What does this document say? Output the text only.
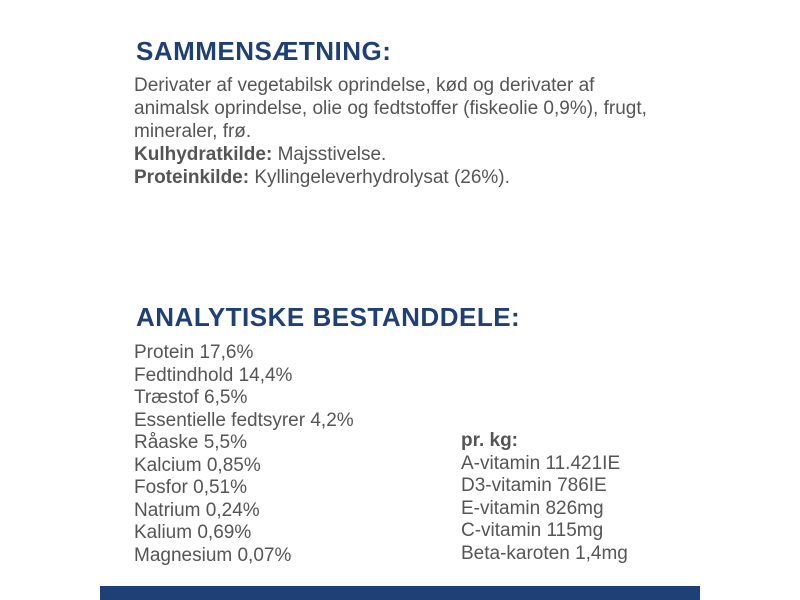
SAMMENSÆTNING:

Derivater af vegetabilsk oprindelse, kød og derivater af animalsk oprindelse, olie og fedtstoffer (fiskeolie 0,9%), frugt, mineraler, frø.

Kulhydratkilde: Majsstivelse.

Proteinkilde: Kyllingeleverhydrolysat (26%).

ANALYTISKE BESTANDDELE:
Protein 17,6%
Fedtindhold 14,4%
Træstof 6,5%
Essentielle fedtsyrer 4,2%
Råaske 5,5%
Kalcium 0,85%
Fosfor 0,51%
Natrium 0,24%
Kalium 0,69%
Magnesium 0,07%
pr. kg:
A-vitamin 11.421IE
D3-vitamin 786IE
E-vitamin 826mg
C-vitamin 115mg
Beta-karoten 1,4mg
